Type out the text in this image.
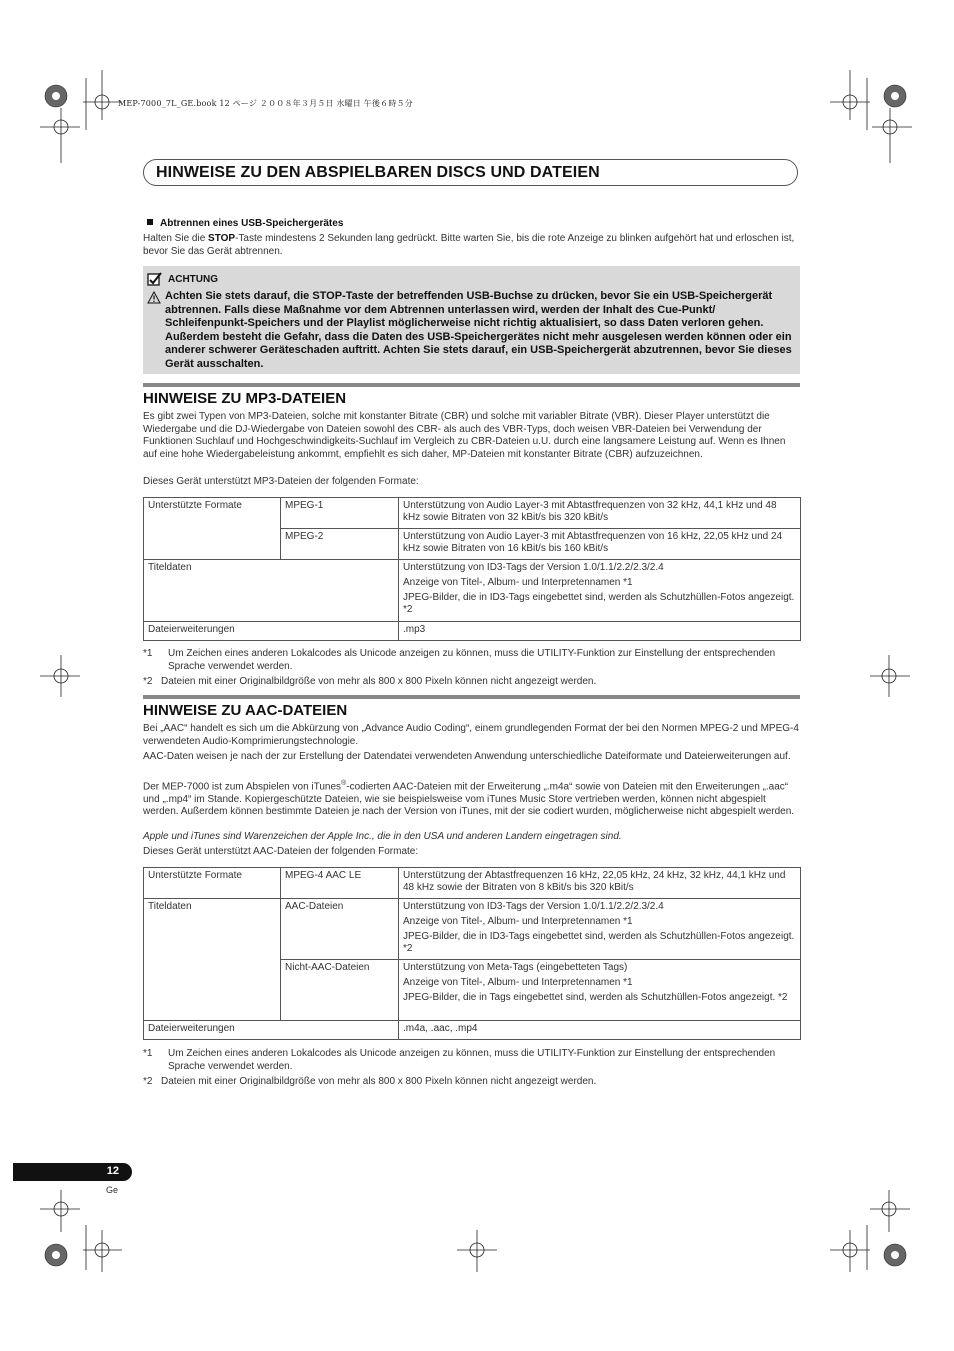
MEP-7000_7L_GE.book 12 ページ ２００８年３月５日 水曜日 午後６時５分
HINWEISE ZU DEN ABSPIELBAREN DISCS UND DATEIEN
Abtrennen eines USB-Speichergerätes
Halten Sie die STOP-Taste mindestens 2 Sekunden lang gedrückt. Bitte warten Sie, bis die rote Anzeige zu blinken aufgehört hat und erloschen ist, bevor Sie das Gerät abtrennen.
ACHTUNG
Achten Sie stets darauf, die STOP-Taste der betreffenden USB-Buchse zu drücken, bevor Sie ein USB-Speichergerät abtrennen. Falls diese Maßnahme vor dem Abtrennen unterlassen wird, werden der Inhalt des Cue-Punkt/ Schleifenpunkt-Speichers und der Playlist möglicherweise nicht richtig aktualisiert, so dass Daten verloren gehen. Außerdem besteht die Gefahr, dass die Daten des USB-Speichergerätes nicht mehr ausgelesen werden können oder ein anderer schwerer Geräteschaden auftritt. Achten Sie stets darauf, ein USB-Speichergerät abzutrennen, bevor Sie dieses Gerät ausschalten.
HINWEISE ZU MP3-DATEIEN
Es gibt zwei Typen von MP3-Dateien, solche mit konstanter Bitrate (CBR) und solche mit variabler Bitrate (VBR). Dieser Player unterstützt die Wiedergabe und die DJ-Wiedergabe von Dateien sowohl des CBR- als auch des VBR-Typs, doch weisen VBR-Dateien bei Verwendung der Funktionen Suchlauf und Hochgeschwindigkeits-Suchlauf im Vergleich zu CBR-Dateien u.U. durch eine langsamere Leistung auf. Wenn es Ihnen auf eine hohe Wiedergabeleistung ankommt, empfiehlt es sich daher, MP-Dateien mit konstanter Bitrate (CBR) aufzuzeichnen.
Dieses Gerät unterstützt MP3-Dateien der folgenden Formate:
Unterstützte Formate	MPEG-1	Unterstützung von Audio Layer-3 mit Abtastfrequenzen von 32 kHz, 44,1 kHz und 48 kHz sowie Bitraten von 32 kBit/s bis 320 kBit/s
	MPEG-2	Unterstützung von Audio Layer-3 mit Abtastfrequenzen von 16 kHz, 22,05 kHz und 24 kHz sowie Bitraten von 16 kBit/s bis 160 kBit/s
Titeldaten		Unterstützung von ID3-Tags der Version 1.0/1.1/2.2/2.3/2.4

Anzeige von Titel-, Album- und Interpretennamen *1

JPEG-Bilder, die in ID3-Tags eingebettet sind, werden als Schutzhüllen-Fotos angezeigt. *2

Dateierweiterungen		.mp3
*1 Um Zeichen eines anderen Lokalcodes als Unicode anzeigen zu können, muss die UTILITY-Funktion zur Einstellung der entsprechenden Sprache verwendet werden.
*2 Dateien mit einer Originalbildgröße von mehr als 800 x 800 Pixeln können nicht angezeigt werden.
HINWEISE ZU AAC-DATEIEN
Bei „AAC“ handelt es sich um die Abkürzung von „Advance Audio Coding“, einem grundlegenden Format der bei den Normen MPEG-2 und MPEG-4 verwendeten Audio-Komprimierungstechnologie.
AAC-Daten weisen je nach der zur Erstellung der Datendatei verwendeten Anwendung unterschiedliche Dateiformate und Dateierweiterungen auf.
Der MEP-7000 ist zum Abspielen von iTunes®-codierten AAC-Dateien mit der Erweiterung „.m4a“ sowie von Dateien mit den Erweiterungen „.aac“ und „.mp4“ im Stande. Kopiergeschützte Dateien, wie sie beispielsweise vom iTunes Music Store vertrieben werden, können nicht abgespielt werden. Außerdem können bestimmte Dateien je nach der Version von iTunes, mit der sie codiert wurden, möglicherweise nicht abgespielt werden.
Apple und iTunes sind Warenzeichen der Apple Inc., die in den USA und anderen Landern eingetragen sind.
Dieses Gerät unterstützt AAC-Dateien der folgenden Formate:
Unterstützte Formate	MPEG-4 AAC LE	Unterstützung der Abtastfrequenzen 16 kHz, 22,05 kHz, 24 kHz, 32 kHz, 44,1 kHz und 48 kHz sowie der Bitraten von 8 kBit/s bis 320 kBit/s
Titeldaten	AAC-Dateien	Unterstützung von ID3-Tags der Version 1.0/1.1/2.2/2.3/2.4

Anzeige von Titel-, Album- und Interpretennamen *1

JPEG-Bilder, die in ID3-Tags eingebettet sind, werden als Schutzhüllen-Fotos angezeigt. *2

	Nicht-AAC-Dateien	Unterstützung von Meta-Tags (eingebetteten Tags)

Anzeige von Titel-, Album- und Interpretennamen *1

JPEG-Bilder, die in Tags eingebettet sind, werden als Schutzhüllen-Fotos angezeigt. *2

Dateierweiterungen		.m4a, .aac, .mp4
*1 Um Zeichen eines anderen Lokalcodes als Unicode anzeigen zu können, muss die UTILITY-Funktion zur Einstellung der entsprechenden Sprache verwendet werden.
*2 Dateien mit einer Originalbildgröße von mehr als 800 x 800 Pixeln können nicht angezeigt werden.
12
Ge
